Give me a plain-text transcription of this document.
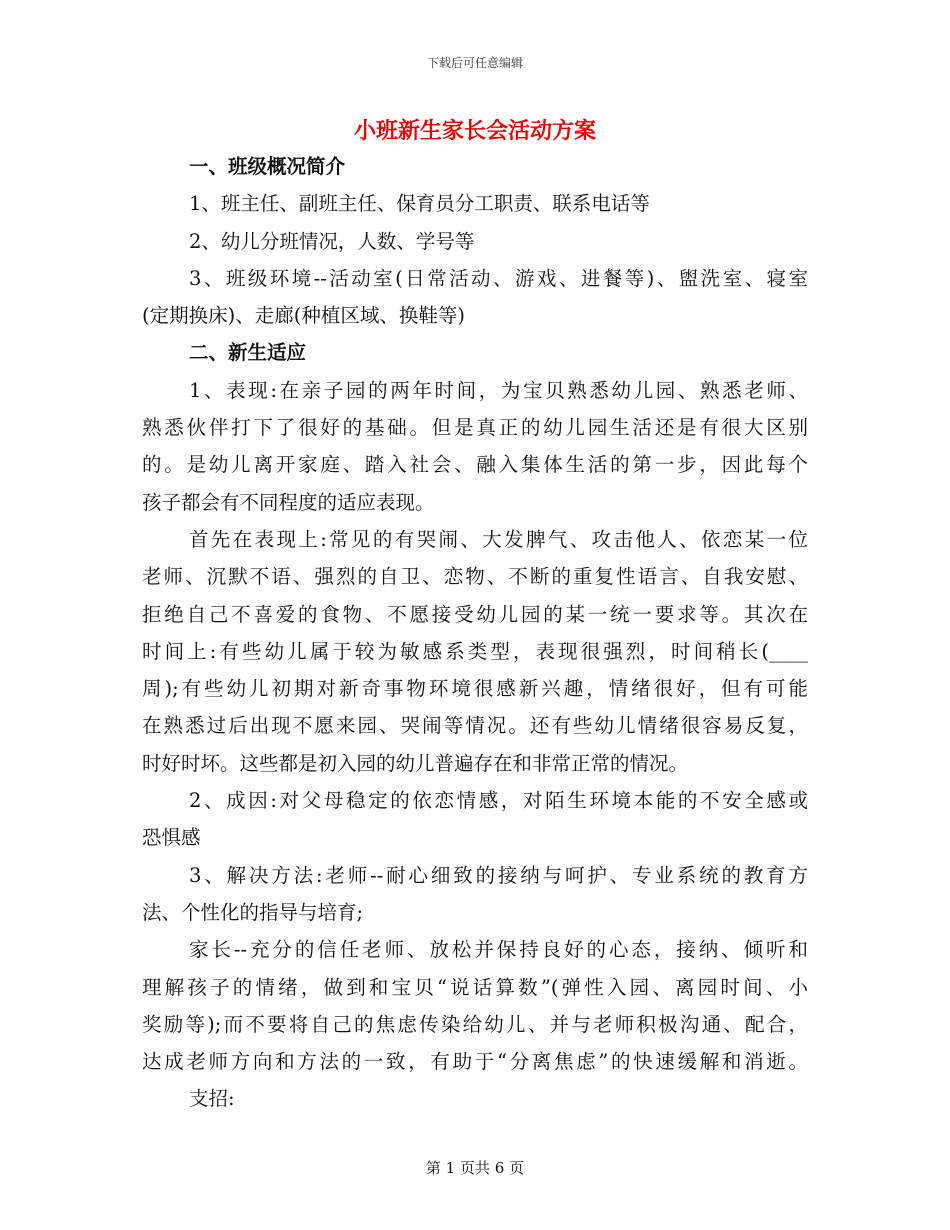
下载后可任意编辑
小班新生家长会活动方案
一、班级概况简介
1、班主任、副班主任、保育员分工职责、联系电话等
2、幼儿分班情况，人数、学号等
3、班级环境--活动室(日常活动、游戏、进餐等)、盥洗室、寝室
(定期换床)、走廊(种植区域、换鞋等)
二、新生适应
1、表现:在亲子园的两年时间，为宝贝熟悉幼儿园、熟悉老师、
熟悉伙伴打下了很好的基础。但是真正的幼儿园生活还是有很大区别
的。是幼儿离开家庭、踏入社会、融入集体生活的第一步，因此每个
孩子都会有不同程度的适应表现。
首先在表现上:常见的有哭闹、大发脾气、攻击他人、依恋某一位
老师、沉默不语、强烈的自卫、恋物、不断的重复性语言、自我安慰、
拒绝自己不喜爱的食物、不愿接受幼儿园的某一统一要求等。其次在
时间上:有些幼儿属于较为敏感系类型，表现很强烈，时间稍长(____
周);有些幼儿初期对新奇事物环境很感新兴趣，情绪很好，但有可能
在熟悉过后出现不愿来园、哭闹等情况。还有些幼儿情绪很容易反复，
时好时坏。这些都是初入园的幼儿普遍存在和非常正常的情况。
2、成因:对父母稳定的依恋情感，对陌生环境本能的不安全感或
恐惧感
3、解决方法:老师--耐心细致的接纳与呵护、专业系统的教育方
法、个性化的指导与培育;
家长--充分的信任老师、放松并保持良好的心态，接纳、倾听和
理解孩子的情绪，做到和宝贝“说话算数”(弹性入园、离园时间、小
奖励等);而不要将自己的焦虑传染给幼儿、并与老师积极沟通、配合，
达成老师方向和方法的一致，有助于“分离焦虑”的快速缓解和消逝。
支招:
第 1 页共 6 页
